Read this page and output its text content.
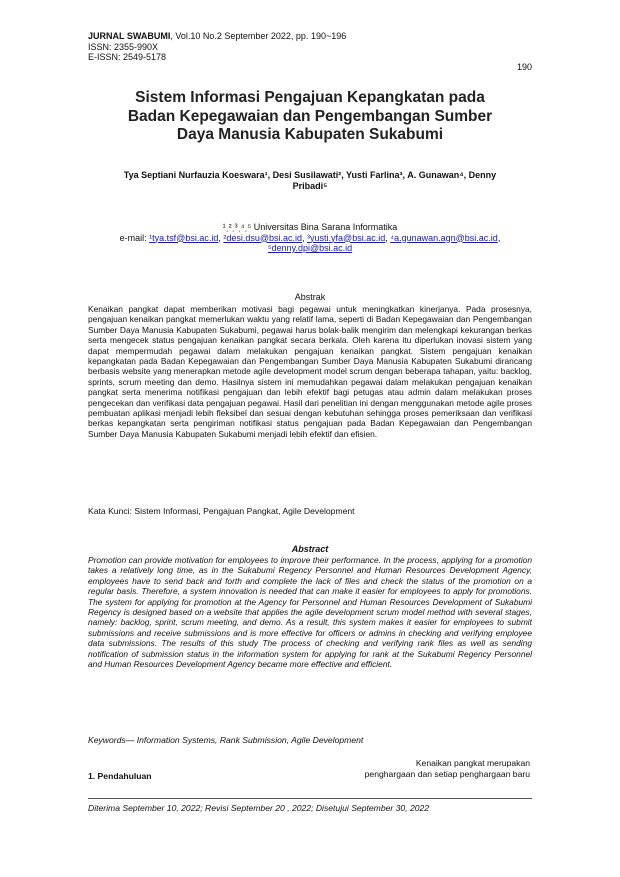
JURNAL SWABUMI, Vol.10 No.2 September 2022, pp. 190~196
ISSN: 2355-990X
E-ISSN: 2549-5178
190
Sistem Informasi Pengajuan Kepangkatan pada
Badan Kepegawaian dan Pengembangan Sumber
Daya Manusia Kabupaten Sukabumi
Tya Septiani Nurfauzia Koeswara¹, Desi Susilawati², Yusti Farlina³, A. Gunawan⁴, Denny
Pribadi⁵
¹ˌ²ˌ³ˌ⁴ˌ⁵ Universitas Bina Sarana Informatika
e-mail: ¹tya.tsf@bsi.ac.id, ²desi.dsu@bsi.ac.id, ³yusti.yfa@bsi.ac.id, ⁴a.gunawan.agn@bsi.ac.id,
⁵denny.dpi@bsi.ac.id
Abstrak
Kenaikan pangkat dapat memberikan motivasi bagi pegawai untuk meningkatkan kinerjanya. Pada prosesnya, pengajuan kenaikan pangkat memerlukan waktu yang relatif lama, seperti di Badan Kepegawaian dan Pengembangan Sumber Daya Manusia Kabupaten Sukabumi, pegawai harus bolak-balik mengirim dan melengkapi kekurangan berkas serta mengecek status pengajuan kenaikan pangkat secara berkala. Oleh karena itu diperlukan inovasi sistem yang dapat mempermudah pegawai dalam melakukan pengajuan kenaikan pangkat. Sistem pengajuan kenaikan kepangkatan pada Badan Kepegawaian dan Pengembangan Sumber Daya Manusia Kabupaten Sukabumi dirancang berbasis website yang menerapkan metode agile development model scrum dengan beberapa tahapan, yaitu: backlog, sprints, scrum meeting dan demo. Hasilnya sistem ini memudahkan pegawai dalam melakukan pengajuan kenaikan pangkat serta menerima notifikasi pengajuan dan lebih efektif bagi petugas atau admin dalam melakukan proses pengecekan dan verifikasi data pengajuan pegawai. Hasil dari penelitian ini dengan menggunakan metode agile proses pembuatan aplikasi menjadi lebih fleksibel dan sesuai dengan kebutuhan sehingga proses pemeriksaan dan verifikasi berkas kepangkatan serta pengiriman notifikasi status pengajuan pada Badan Kepegawaian dan Pengembangan Sumber Daya Manusia Kabupaten Sukabumi menjadi lebih efektif dan efisien.
Kata Kunci: Sistem Informasi, Pengajuan Pangkat, Agile Development
Abstract
Promotion can provide motivation for employees to improve their performance. In the process, applying for a promotion takes a relatively long time, as in the Sukabumi Regency Personnel and Human Resources Development Agency, employees have to send back and forth and complete the lack of files and check the status of the promotion on a regular basis. Therefore, a system innovation is needed that can make it easier for employees to apply for promotions. The system for applying for promotion at the Agency for Personnel and Human Resources Development of Sukabumi Regency is designed based on a website that applies the agile development scrum model method with several stages, namely: backlog, sprint, scrum meeting, and demo. As a result, this system makes it easier for employees to submit submissions and receive submissions and is more effective for officers or admins in checking and verifying employee data submissions. The results of this study The process of checking and verifying rank files as well as sending notification of submission status in the information system for applying for rank at the Sukabumi Regency Personnel and Human Resources Development Agency became more effective and efficient.
Keywords— Information Systems, Rank Submission, Agile Development
1. Pendahuluan
Kenaikan pangkat merupakan
penghargaan dan setiap penghargaan baru
Diterima September 10, 2022; Revisi September 20 , 2022; Disetujui September 30, 2022
